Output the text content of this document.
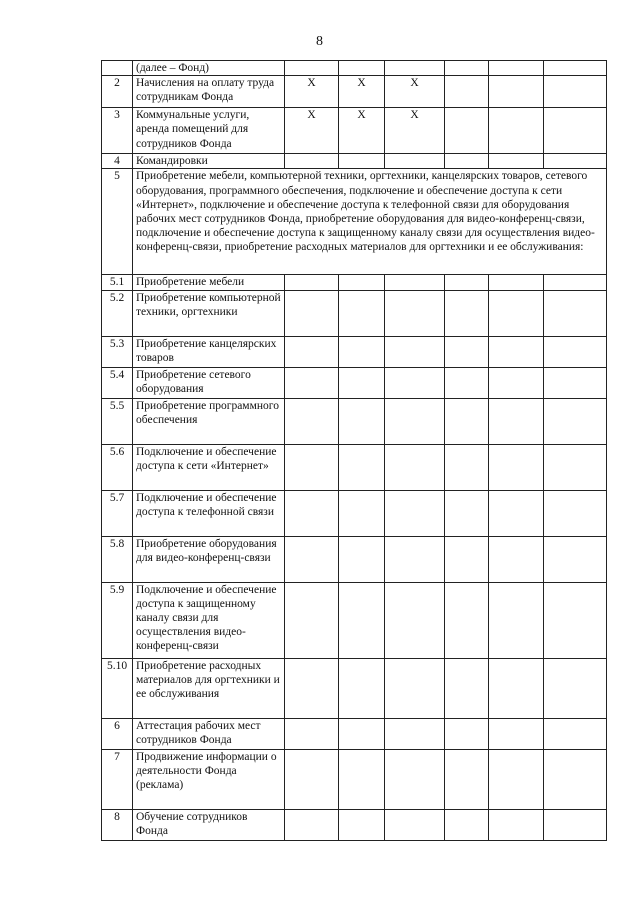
8
	(далее – Фонд)						
2	Начисления на оплату труда сотрудникам Фонда	X	X	X			
3	Коммунальные услуги, аренда помещений для сотрудников Фонда	X	X	X			
4	Командировки						
5	Приобретение мебели, компьютерной техники, оргтехники, канцелярских товаров, сетевого оборудования, программного обеспечения, подключение и обеспечение доступа к сети «Интернет», подключение и обеспечение доступа к телефонной связи для оборудования рабочих мест сотрудников Фонда, приобретение оборудования для видео-конференц-связи, подключение и обеспечение доступа к защищенному каналу связи для осуществления видео-конференц-связи, приобретение расходных материалов для оргтехники и ее обслуживания:						
5.1	Приобретение мебели						
5.2	Приобретение компьютерной техники, оргтехники						
5.3	Приобретение канцелярских товаров						
5.4	Приобретение сетевого оборудования						
5.5	Приобретение программного обеспечения						
5.6	Подключение и обеспечение доступа к сети «Интернет»						
5.7	Подключение и обеспечение доступа к телефонной связи						
5.8	Приобретение оборудования для видео-конференц-связи						
5.9	Подключение и обеспечение доступа к защищенному каналу связи для осуществления видео-конференц-связи						
5.10	Приобретение расходных материалов для оргтехники и ее обслуживания						
6	Аттестация рабочих мест сотрудников Фонда						
7	Продвижение информации о деятельности Фонда (реклама)						
8	Обучение сотрудников Фонда						
